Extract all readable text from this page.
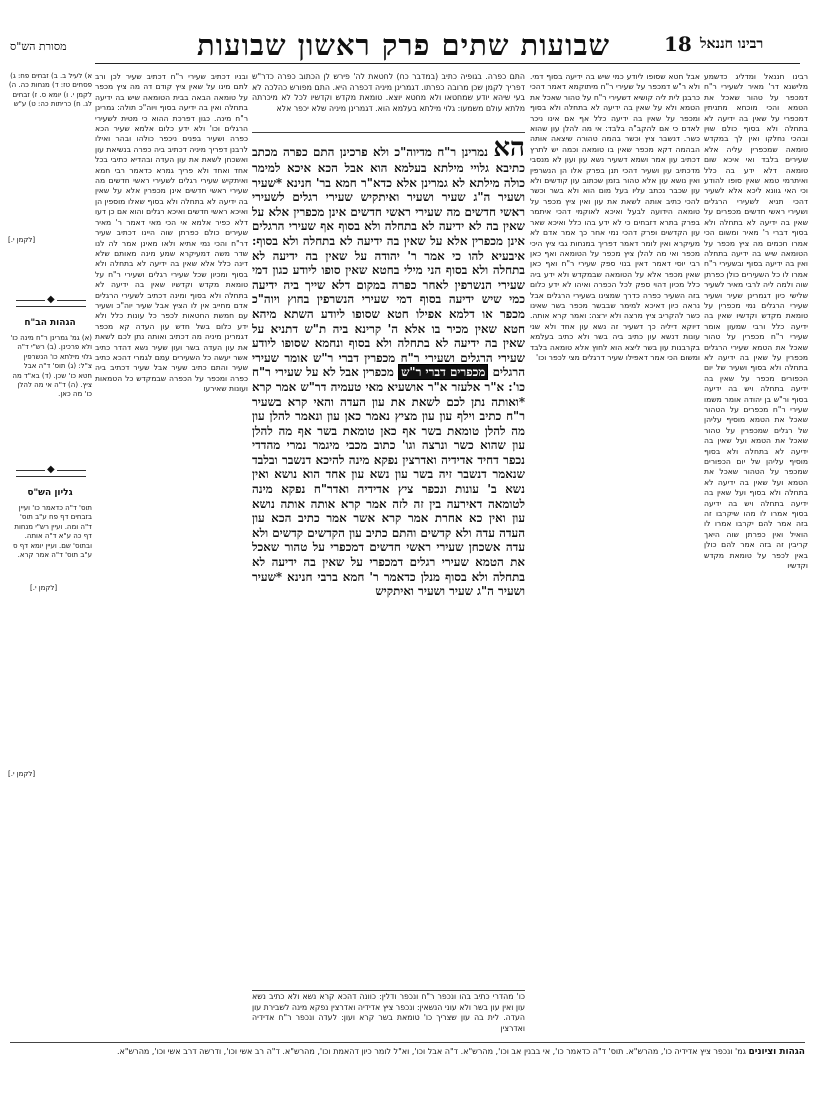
מסורת הש"ס	שבועות שתים פרק ראשון שבועות	18 רבינו חננאל
א) לעיל ב. ב) זבחים פח: ג) פסחים טז: ד) מנחות כה. ה) לקמן י. ו) יומא ס. ז) זבחים לג. ח) כריתות כה: ט) ע"ש
[לקמן י.]
◆
הגהות הב"ח
(א) גמ' גמרינן ר"ח מינה כו' ולא פרכינן. (ב) רש"י ד"ה גלוי מילתא כו' הנשרפין צ"ל: (ג) תוס' ד"ה אבל חטא כו' שכן. (ד) בא"ד מה ציץ. (ה) ד"ה אי מה להלן כו' מה כאן.
◆
גליון הש"ס
תוס' ד"ה כדאמר כו' ועיין בזבחים דף פח ע"ב תוס' ד"ה ומה. ועיין רש"י מנחות דף כה ע"א ד"ה אותה. ובתוס' שם. ועיין יומא דף ס ע"ב תוס' ד"ה אמר קרא.
[לקמן י.]
[לקמן י.]

ובניו דכתיב שעירי ר"ח דכתיב שעיר לכן ורב לתם מינו על שאין ציץ קודם דה מה ציץ מכפר על טומאה הבאה בבית הטומאה שיש בה ידיעה בתחלה ואין בה ידיעה בסוף ויוה"כ תולה: גמרינן ר"ח מינה. כגון דפרכת ההוא כי מטית לשעירי הרגלים וכו' ולא ידע כלום אלמא שעיר הכא כפרה ושעיר בפנים ניכפר כולהו ובהר ואילו לרבנן דפריך מיניה דכתיב ביה כפרה בנשיאת עון ואשכחן לשאת את עון העדה ובהדיא כתיבי בכל אחד ואחד ולא פריך גמרא כדאמר רבי חמא ואיתקיש שעירי רגלים לשעירי ראשי חדשים מה שעירי ראשי חדשים אינן מכפרין אלא על שאין בה ידיעה לא בתחלה ולא בסוף שאלו מוספין הן ואיכא ראשי חדשים ואיכא רגלים והוא אם כן דעו דלא כפיר אלמא אי הכי מאי דאמר ר' מאיר שעירים כולם כפרתן שוה היינו דכתיב שעיר דר"ח והכי נמי אתיא ולאו מאינן אמר לה לנו שדר משה דמעיקרא שמע מינה מאותם שלא דינה כלל אלא שאין בה ידיעה לא בתחלה ולא בסוף ומכיון שכל שעירי רגלים ושעירי ר"ח על טומאת מקדש וקדשיו שאין בה ידיעה לא בתחלה ולא בסוף ומינה דכתיב לשעירי הרגלים אדם מחייב אין לו הציץ אבל שעיר יוה"כ ושעיר עם חמשת החטאות לכפר כל עונות כלל ולא ידע כלום בשל חדש עון העדה קא מכפר דגמרינן מיניה מה דכתיב ואותה נתן לכם לשאת את עון העדה בשר ועון שעיר נשא דהדר כתיב אשר יעשה כל השעירים עמם לגמרי דהכא כתיב שעיר והתם כתיב שעיר אבל שעיר דכתיב ביה כפרה ומכפר על הכפרה שבמקדש כל הטמאות ועונות שאירעו

התם כפרה. בגופיה כתיב (במדבר כח) לחטאת לה' פירש לן הכתוב כפרה כדר"ש דפריך לקמן שכן מרובה כפרתו. דגמרינן מיניה דכפרה היא. התם מפורש כהלכה לא בעי שיהא יודע שמחטאו ולא מחטא יוצא. טומאת מקדש וקדשיו לכל לא מיכרתה מלתא עולם משמעו: גלוי מילתא בעלמא הוא. דגמרינן מיניה שלא יכפר אלא

הא נמרינן ר"ח מדיוה"כ ולא פרכינן התם כפרה מכתב כתיבא גלויי מילתא בעלמא הוא אבל הכא איכא למימר כולה מילתא לא גמרינן אלא כדא"ר חמא בר' חנינא *שעיר ושעיר ה"ג שעיר ושעיר ואיתקיש שעירי רגלים לשעירי ראשי חדשים מה שעירי ראשי חדשים אינן מכפרין אלא על שאין בה לא ידיעה לא בתחלה ולא בסוף אף שעירי הרגלים אינן מכפרין אלא על שאין בה ידיעה לא בתחלה ולא בסוף: איבעיא להו כי אמר ר' יהודה על שאין בה ידיעה לא בתחלה ולא בסוף הני מילי בחטא שאין סופו ליודע כגון דמי שעירי הנשרפין לאחר כפרה במקום דלא שייך ביה ידיעה כמי שיש ידיעה בסוף דמי שעירי הנשרפין בחוץ ויוה"כ מכפר או דלמא אפילו חטא שסופו ליודע השתא מיהא חטא שאין מכיר בו אלא ה' קרינא ביה ת"ש דתניא על שאין בה ידיעה לא בתחלה ולא בסוף ונחמא שסופו ליודע שעירי הרגלים ושעירי ר"ח מכפרין דברי ר"ש אומר שעירי הרגלים מכפרים דברי ר"ש מכפרין אבל לא על שעירי ר"ח כו': א"ר אלעזר א"ר אושעיא מאי טעמיה דר"ש אמר קרא *ואותה נתן לכם לשאת את עון העדה והאי קרא בשעיר ר"ח כתיב וילף עון עון מציץ נאמר כאן עון ונאמר להלן עון מה להלן טומאת בשר אף כאן טומאת בשר אף מה להלן עון שהוא כשר ונרצה וגו' כתוב מכבי מיגמר נמרי מהדדי נכפר דחיד אדידיה ואדרצין נפקא מינה להיכא דנשבר ובלבד שנאמר דנשבר זיה בשר עון נשא עון אחד הוא נושא ואין נשא ב' עונות ונכפר ציץ אדידיה ואדר"ח נפקא מינה לטומאה דאירעה בין זה לזה אמר קרא אותה אותה נושא עון ואין כא אחרת אמר קרא אשר אמר כתיב הכא עון העדה עדה ולא קדשים והתם כתיב עון הקדשים קדשים ולא עדה אשכחן שעירי ראשי חדשים דמכפרי על טהור שאכל את הטמא שעירי רגלים דמכפרי על שאין בה ידיעה לא בתחלה ולא בסוף מנלן כדאמר ר' חמא ברבי חנינא *שעיר ושעיר ה"ג שעיר ושעיר ואיתקיש

כו' מהדרי כתיב בהו ונכפר ר"ח ונכפר ודלין: כוונה דהכא קרא נשא ולא כתיב נשא עון ואין עון בשר ולא עוני הנשאין: ונכפר ציץ אדידיה ואדרצין נפקא מינה לשבירת עון העדה. לית בה עון שצריך כו' טומאת בשר קרא ועון: לעדה ונכפר ר"ח אדידיה ואדרצין

אבל חטא שסופו ליודע כמי שיש בה ידיעה בסוף דמי. ולא ר"ש דמכפר על שעירי ר"ח מיתוקמא דאמר דהכי כרבנן לית ליה קושיא דשעירי ר"ח על טהור שאכל את הטמא ולא על שאין בה ידיעה לא בתחלה ולא בסוף ומכפר על שאין בה ידיעה כלל אף אם אינו ניכר לאדם כי אם להקב"ה בלבד: אי מה להלן עון שהוא כשר. דנשבר ציץ וכשר בהמה טהורה שיצאה אותה הבהמה דקא מכפר שאין בו טומאה וכמה יש לתרץ דכתיב עון אמר ושמא דשעיר נשא עון ועון לא מנסבי מדכתיב עון ושעיר דהכי תנן בפרק אלו הן הנשרפין ואין נושא עון אלא טהור בזמן שכתוב עון קודשים ולא עון שכבר נכתב עליו בעל מום הוא ולא בשר וכשר להכי כתיב אותה לשאת את עון ואין ציץ מכפר על טומאה הידועה לבעל ואיכא לאוקמי דהכי איתמר בפרק בתרא דזבחים כי לא ידע בהו כלל ואיכא שאר עון הקדשים ופרק דהכי נמי אחר כך אמר אדם לא מעיקרא ואין לומר דאמר דפריך במנחות גבי ציץ היכי מכפר ואי מה להלן ציץ מכפר על הטומאה ואף כאן רבי יוסי דאמר דאין בנוי ספק שעירי ר"ח ואף כאן שאין מכפר אלא על הטומאה שבמקדש ולא ידע ביה כלל מכיון דהוי ספק לכל הכפרה ואיהו לא ידע כלום בזה השעיר כפרה כדרך שמצינו בשעירי הרגלים אבל נראה כיון דאיכא למימר שבבשר מכפר בשר שאינו כשר להקריב ציץ מרצה ולא ירצה: ואמר קרא אותה. דיוקא דיליה כך דשעיר זה נשא עון אחד ולא שני עונות דנשא עון כתיב ביה בשר ולא כתיב בעלמא בקרבנות עון בשר ליצא הוא לחוץ אלא טומאה בלבד ומשום הכי אמר דאפילו שעיר דרגלים מצי לכפר וכו'

רבינו חננאל ומדליג כדשמע מלישנא דר' מאיר לשעירי ר"ח דמכפר על טהור שאכל את הטמא והכי מוכחא מתניתין דמכפרי על שאין בה ידיעה לא בתחלה ולא בסוף כולם שוין ובהכי נחלקו ואין לך במקדש טומאה שמכפרין עליה אלא שעירים בלבד ואי איכא שום טומאה דלא ידע בה כלל ואיתרמי טמא שאין סופו להודע וכי האי גוונא ליכא אלא לשעיר דהכי תניא לשעירי הרגלים ושעירי ראשי חדשים מכפרים על שאין בה ידיעה לא בתחלה ולא בסוף דברי ר' מאיר ומשום הכי אמרו חכמים מה ציץ מכפר על הטומאה שיש בה ידיעה בתחלה ואין בה ידיעה בסוף ובשעירי ר"ח אמרו לו כל השעירים כולן כפרתן שוה ולמה ליה לרבי מאיר לשעיר שלישי כיון דגמרינן שעיר ושעיר שעירי הרגלים נמי מכפרין על טומאת מקדש וקדשיו שאין בה ידיעה כלל ורבי שמעון אומר שעירי ר"ח מכפרין על טהור שאכל את הטמא שעירי הרגלים מכפרין על שאין בה ידיעה לא בתחלה ולא בסוף ושעיר של יום הכפורים מכפר על שאין בה ידיעה בתחלה ויש בה ידיעה בסוף ור"ש בן יהודה אומר משמו שעירי ר"ח מכפרים על הטהור שאכל את הטמא מוסיף עליהן של רגלים שמכפרין על טהור שאכל את הטמא ועל שאין בה ידיעה לא בתחלה ולא בסוף מוסיף עליהן של יום הכפורים שמכפר על הטהור שאכל את הטמא ועל שאין בה ידיעה לא בתחלה ולא בסוף ועל שאין בה ידיעה בתחלה ויש בה ידיעה בסוף אמרו לו מהו שיקרבו זה בזה אמר להם יקרבו אמרו לו הואיל ואין כפרתן שוה היאך קריבין זה בזה אמר להם כולן באין לכפר על טומאת מקדש וקדשיו

הגהות וציונים גמ' ונכפר ציץ אדידיה כו', מהרש"א. תוס' ד"ה כדאמר כו', אי בבנין אב וכו', מהרש"א. ד"ה אבל וכו', וא"ל לומר כיון דהאמת וכו', מהרש"א. ד"ה רב אשי וכו', ודרשה דרב אשי וכו', מהרש"א.
